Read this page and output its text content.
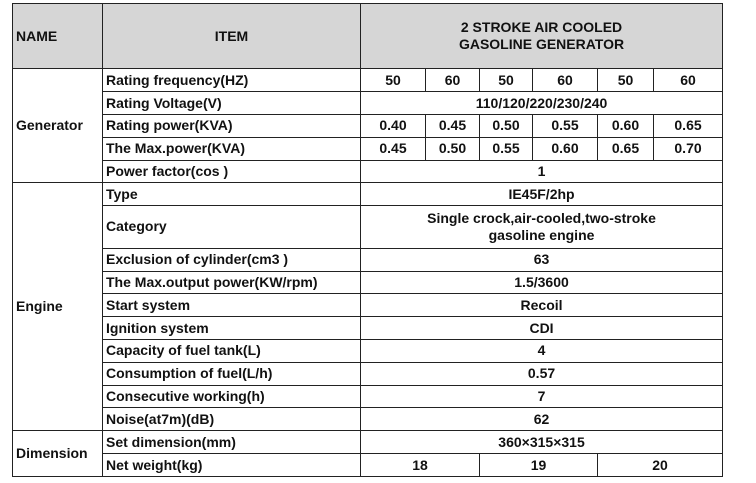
NAME	ITEM	2 STROKE AIR COOLED
GASOLINE GENERATOR					

Generator	Rating frequency(HZ)	50	60	50	60	50	60
	Rating Voltage(V)	110/120/220/230/240					
	Rating power(KVA)	0.40	0.45	0.50	0.55	0.60	0.65
	The Max.power(KVA)	0.45	0.50	0.55	0.60	0.65	0.70
	Power factor(cos )	1					
Engine	Type	IE45F/2hp					
	Category	Single crock,air-cooled,two-stroke
gasoline engine					

	Exclusion of cylinder(cm3 )	63					
	The Max.output power(KW/rpm)	1.5/3600					
	Start system	Recoil					
	Ignition system	CDI					
	Capacity of fuel tank(L)	4					
	Consumption of fuel(L/h)	0.57					
	Consecutive working(h)	7					
	Noise(at7m)(dB)	62					
Dimension	Set dimension(mm)	360×315×315					
	Net weight(kg)	18		19		20	
